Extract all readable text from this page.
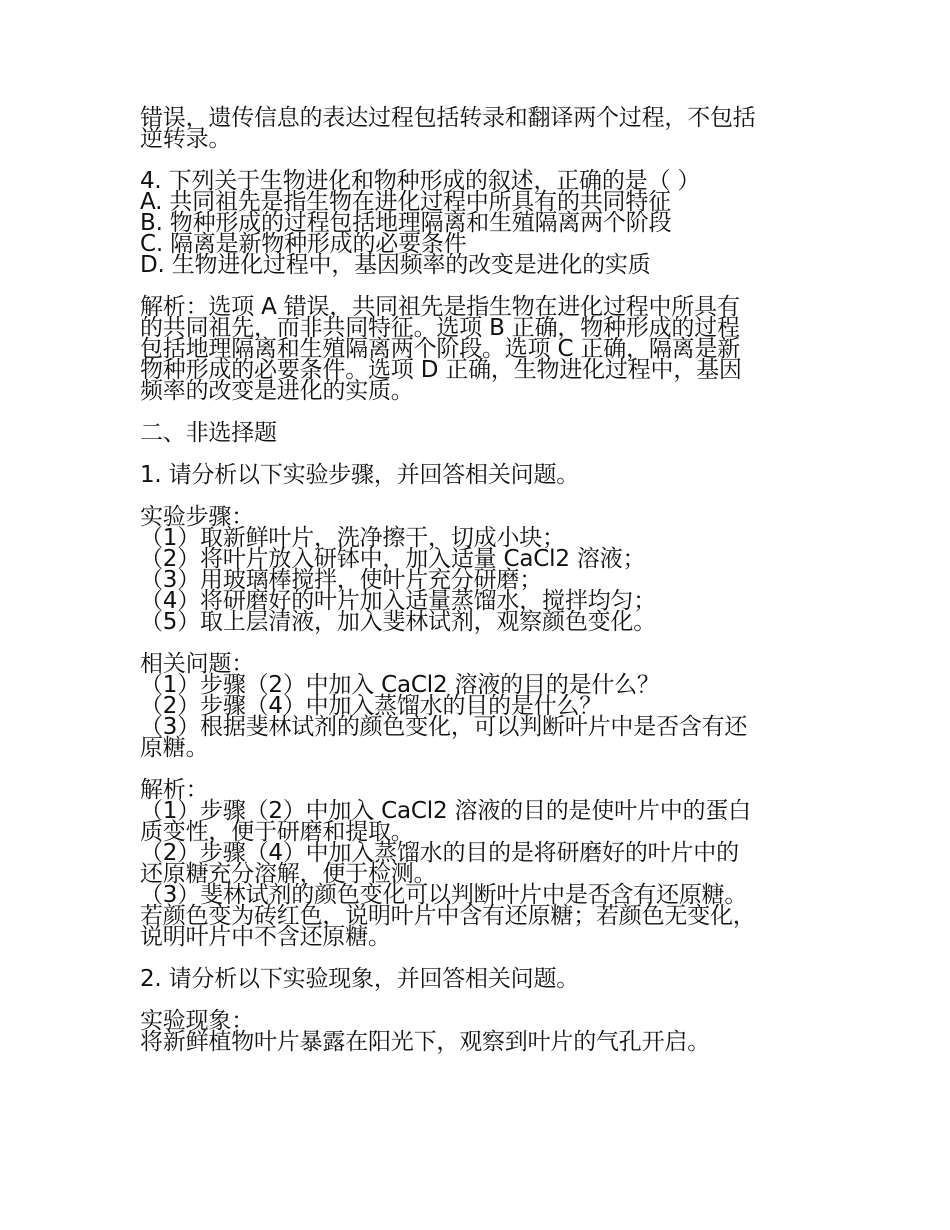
错误，遗传信息的表达过程包括转录和翻译两个过程，不包括
逆转录。
4. 下列关于生物进化和物种形成的叙述，正确的是（ ）
A. 共同祖先是指生物在进化过程中所具有的共同特征
B. 物种形成的过程包括地理隔离和生殖隔离两个阶段
C. 隔离是新物种形成的必要条件
D. 生物进化过程中，基因频率的改变是进化的实质
解析：选项 A 错误，共同祖先是指生物在进化过程中所具有
的共同祖先，而非共同特征。选项 B 正确，物种形成的过程
包括地理隔离和生殖隔离两个阶段。选项 C 正确，隔离是新
物种形成的必要条件。选项 D 正确，生物进化过程中，基因
频率的改变是进化的实质。
二、非选择题
1. 请分析以下实验步骤，并回答相关问题。
实验步骤：
（1）取新鲜叶片，洗净擦干，切成小块；
（2）将叶片放入研钵中，加入适量 CaCl2 溶液；
（3）用玻璃棒搅拌，使叶片充分研磨；
（4）将研磨好的叶片加入适量蒸馏水，搅拌均匀；
（5）取上层清液，加入斐林试剂，观察颜色变化。
相关问题：
（1）步骤（2）中加入 CaCl2 溶液的目的是什么？
（2）步骤（4）中加入蒸馏水的目的是什么？
（3）根据斐林试剂的颜色变化，可以判断叶片中是否含有还
原糖。
解析：
（1）步骤（2）中加入 CaCl2 溶液的目的是使叶片中的蛋白
质变性，便于研磨和提取。
（2）步骤（4）中加入蒸馏水的目的是将研磨好的叶片中的
还原糖充分溶解，便于检测。
（3）斐林试剂的颜色变化可以判断叶片中是否含有还原糖。
若颜色变为砖红色，说明叶片中含有还原糖；若颜色无变化，
说明叶片中不含还原糖。
2. 请分析以下实验现象，并回答相关问题。
实验现象：
将新鲜植物叶片暴露在阳光下，观察到叶片的气孔开启。
